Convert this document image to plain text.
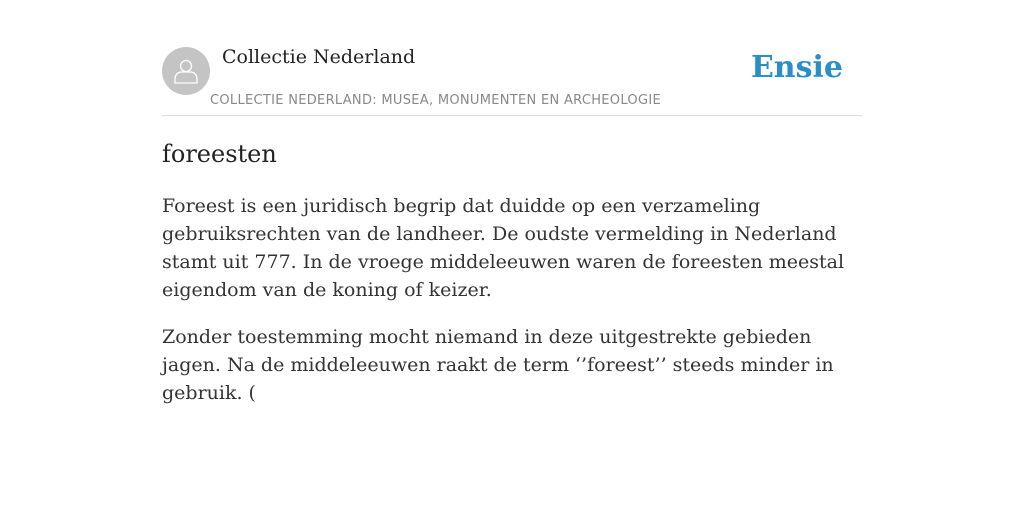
Collectie Nederland
COLLECTIE NEDERLAND: MUSEA, MONUMENTEN EN ARCHEOLOGIE
Ensie
foreesten

Foreest is een juridisch begrip dat duidde op een verzameling gebruiksrechten van de landheer. De oudste vermelding in Nederland stamt uit 777. In de vroege middeleeuwen waren de foreesten meestal eigendom van de koning of keizer.

Zonder toestemming mocht niemand in deze uitgestrekte gebieden jagen. Na de middeleeuwen raakt de term ‘’foreest’’ steeds minder in gebruik. (
